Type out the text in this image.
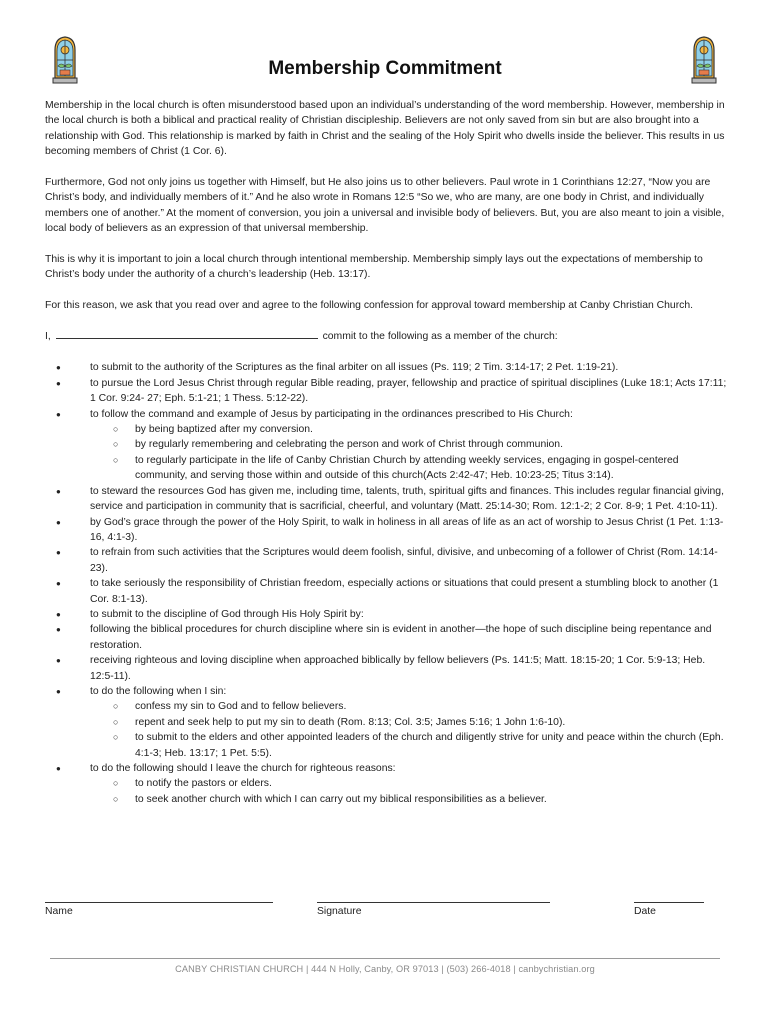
Membership Commitment

Membership in the local church is often misunderstood based upon an individual’s understanding of the word membership. However, membership in the local church is both a biblical and practical reality of Christian discipleship. Believers are not only saved from sin but are also brought into a relationship with God. This relationship is marked by faith in Christ and the sealing of the Holy Spirit who dwells inside the believer. This results in us becoming members of Christ (1 Cor. 6).

Furthermore, God not only joins us together with Himself, but He also joins us to other believers. Paul wrote in 1 Corinthians 12:27, “Now you are Christ’s body, and individually members of it.” And he also wrote in Romans 12:5 “So we, who are many, are one body in Christ, and individually members one of another.” At the moment of conversion, you join a universal and invisible body of believers. But, you are also meant to join a visible, local body of believers as an expression of that universal membership.

This is why it is important to join a local church through intentional membership. Membership simply lays out the expectations of membership to Christ’s body under the authority of a church’s leadership (Heb. 13:17).

For this reason, we ask that you read over and agree to the following confession for approval toward membership at Canby Christian Church.

I,	commit to the following as a member of the church:
● to submit to the authority of the Scriptures as the final arbiter on all issues (Ps. 119; 2 Tim. 3:14-17; 2 Pet. 1:19-21).
● to pursue the Lord Jesus Christ through regular Bible reading, prayer, fellowship and practice of spiritual disciplines (Luke 18:1; Acts 17:11; 1 Cor. 9:24- 27; Eph. 5:1-21; 1 Thess. 5:12-22).
● to follow the command and example of Jesus by participating in the ordinances prescribed to His Church:
○ by being baptized after my conversion.
○ by regularly remembering and celebrating the person and work of Christ through communion.
○ to regularly participate in the life of Canby Christian Church by attending weekly services, engaging in gospel-centered community, and serving those within and outside of this church(Acts 2:42-47; Heb. 10:23-25; Titus 3:14).
● to steward the resources God has given me, including time, talents, truth, spiritual gifts and finances. This includes regular financial giving, service and participation in community that is sacrificial, cheerful, and voluntary (Matt. 25:14-30; Rom. 12:1-2; 2 Cor. 8-9; 1 Pet. 4:10-11).
● by God’s grace through the power of the Holy Spirit, to walk in holiness in all areas of life as an act of worship to Jesus Christ (1 Pet. 1:13-16, 4:1-3).
● to refrain from such activities that the Scriptures would deem foolish, sinful, divisive, and unbecoming of a follower of Christ (Rom. 14:14-23).
● to take seriously the responsibility of Christian freedom, especially actions or situations that could present a stumbling block to another (1 Cor. 8:1-13).
● to submit to the discipline of God through His Holy Spirit by:
● following the biblical procedures for church discipline where sin is evident in another—the hope of such discipline being repentance and restoration.
● receiving righteous and loving discipline when approached biblically by fellow believers (Ps. 141:5; Matt. 18:15-20; 1 Cor. 5:9-13; Heb. 12:5-11).
● to do the following when I sin:
○ confess my sin to God and to fellow believers.
○ repent and seek help to put my sin to death (Rom. 8:13; Col. 3:5; James 5:16; 1 John 1:6-10).
○ to submit to the elders and other appointed leaders of the church and diligently strive for unity and peace within the church (Eph. 4:1-3; Heb. 13:17; 1 Pet. 5:5).
● to do the following should I leave the church for righteous reasons:
○ to notify the pastors or elders.
○ to seek another church with which I can carry out my biblical responsibilities as a believer.
Name	Signature	Date
CANBY CHRISTIAN CHURCH | 444 N Holly, Canby, OR 97013 | (503) 266-4018 | canbychristian.org
